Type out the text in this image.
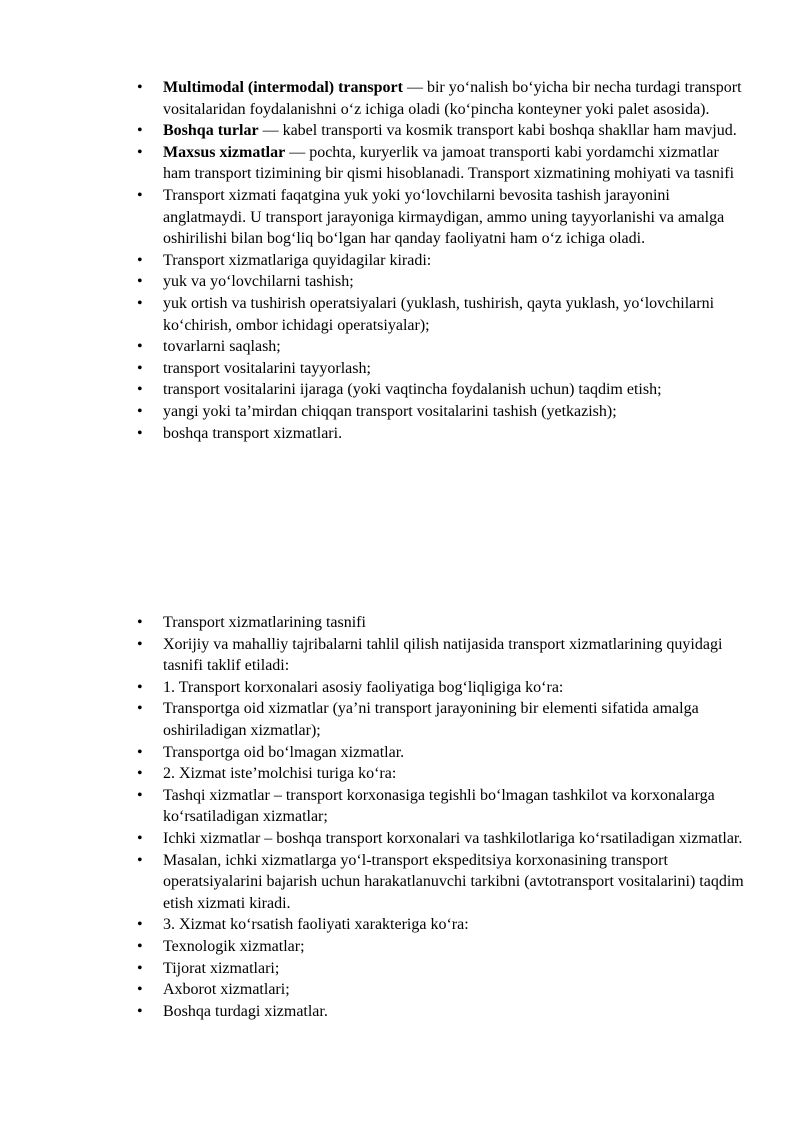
• Multimodal (intermodal) transport — bir yo‘nalish bo‘yicha bir necha turdagi transport vositalaridan foydalanishni o‘z ichiga oladi (ko‘pincha konteyner yoki palet asosida).
• Boshqa turlar — kabel transporti va kosmik transport kabi boshqa shakllar ham mavjud.
• Maxsus xizmatlar — pochta, kuryerlik va jamoat transporti kabi yordamchi xizmatlar ham transport tizimining bir qismi hisoblanadi. Transport xizmatining mohiyati va tasnifi
• Transport xizmati faqatgina yuk yoki yo‘lovchilarni bevosita tashish jarayonini anglatmaydi. U transport jarayoniga kirmaydigan, ammo uning tayyorlanishi va amalga oshirilishi bilan bog‘liq bo‘lgan har qanday faoliyatni ham o‘z ichiga oladi.
• Transport xizmatlariga quyidagilar kiradi:
• yuk va yo‘lovchilarni tashish;
• yuk ortish va tushirish operatsiyalari (yuklash, tushirish, qayta yuklash, yo‘lovchilarni ko‘chirish, ombor ichidagi operatsiyalar);
• tovarlarni saqlash;
• transport vositalarini tayyorlash;
• transport vositalarini ijaraga (yoki vaqtincha foydalanish uchun) taqdim etish;
• yangi yoki ta’mirdan chiqqan transport vositalarini tashish (yetkazish);
• boshqa transport xizmatlari.
• Transport xizmatlarining tasnifi
• Xorijiy va mahalliy tajribalarni tahlil qilish natijasida transport xizmatlarining quyidagi tasnifi taklif etiladi:
• 1. Transport korxonalari asosiy faoliyatiga bog‘liqligiga ko‘ra:
• Transportga oid xizmatlar (ya’ni transport jarayonining bir elementi sifatida amalga oshiriladigan xizmatlar);
• Transportga oid bo‘lmagan xizmatlar.
• 2. Xizmat iste’molchisi turiga ko‘ra:
• Tashqi xizmatlar – transport korxonasiga tegishli bo‘lmagan tashkilot va korxonalarga ko‘rsatiladigan xizmatlar;
• Ichki xizmatlar – boshqa transport korxonalari va tashkilotlariga ko‘rsatiladigan xizmatlar.
• Masalan, ichki xizmatlarga yo‘l-transport ekspeditsiya korxonasining transport operatsiyalarini bajarish uchun harakatlanuvchi tarkibni (avtotransport vositalarini) taqdim etish xizmati kiradi.
• 3. Xizmat ko‘rsatish faoliyati xarakteriga ko‘ra:
• Texnologik xizmatlar;
• Tijorat xizmatlari;
• Axborot xizmatlari;
• Boshqa turdagi xizmatlar.
